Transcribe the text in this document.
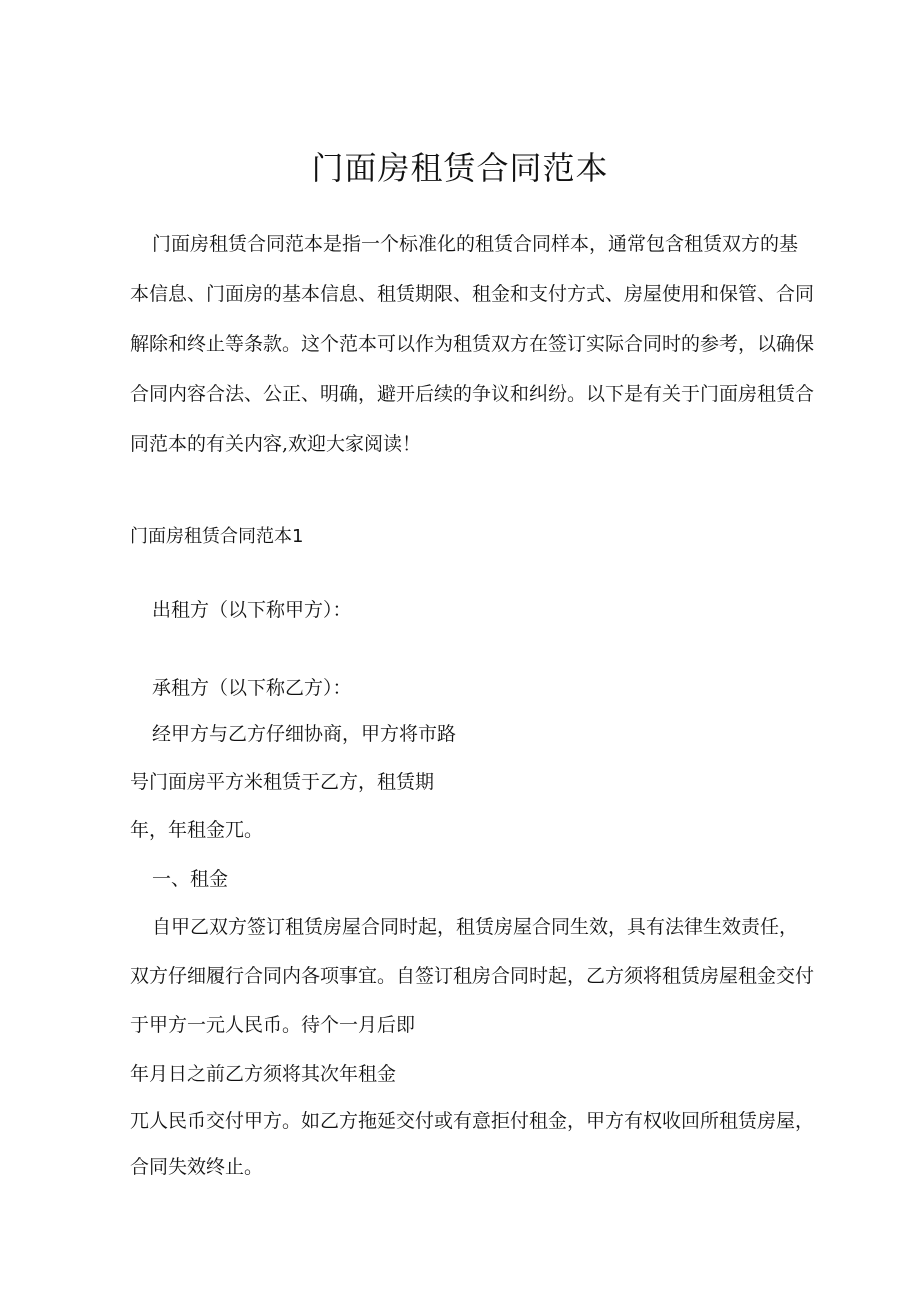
门面房租赁合同范本
门面房租赁合同范本是指一个标准化的租赁合同样本，通常包含租赁双方的基
本信息、门面房的基本信息、租赁期限、租金和支付方式、房屋使用和保管、合同
解除和终止等条款。这个范本可以作为租赁双方在签订实际合同时的参考，以确保
合同内容合法、公正、明确，避开后续的争议和纠纷。以下是有关于门面房租赁合
同范本的有关内容,欢迎大家阅读！
门面房租赁合同范本1
出租方（以下称甲方）：
承租方（以下称乙方）：
经甲方与乙方仔细协商，甲方将市路
号门面房平方米租赁于乙方，租赁期
年，年租金兀。
一、租金
自甲乙双方签订租赁房屋合同时起，租赁房屋合同生效，具有法律生效责任，
双方仔细履行合同内各项事宜。自签订租房合同时起，乙方须将租赁房屋租金交付
于甲方一元人民币。待个一月后即
年月日之前乙方须将其次年租金
兀人民币交付甲方。如乙方拖延交付或有意拒付租金，甲方有权收回所租赁房屋，
合同失效终止。
